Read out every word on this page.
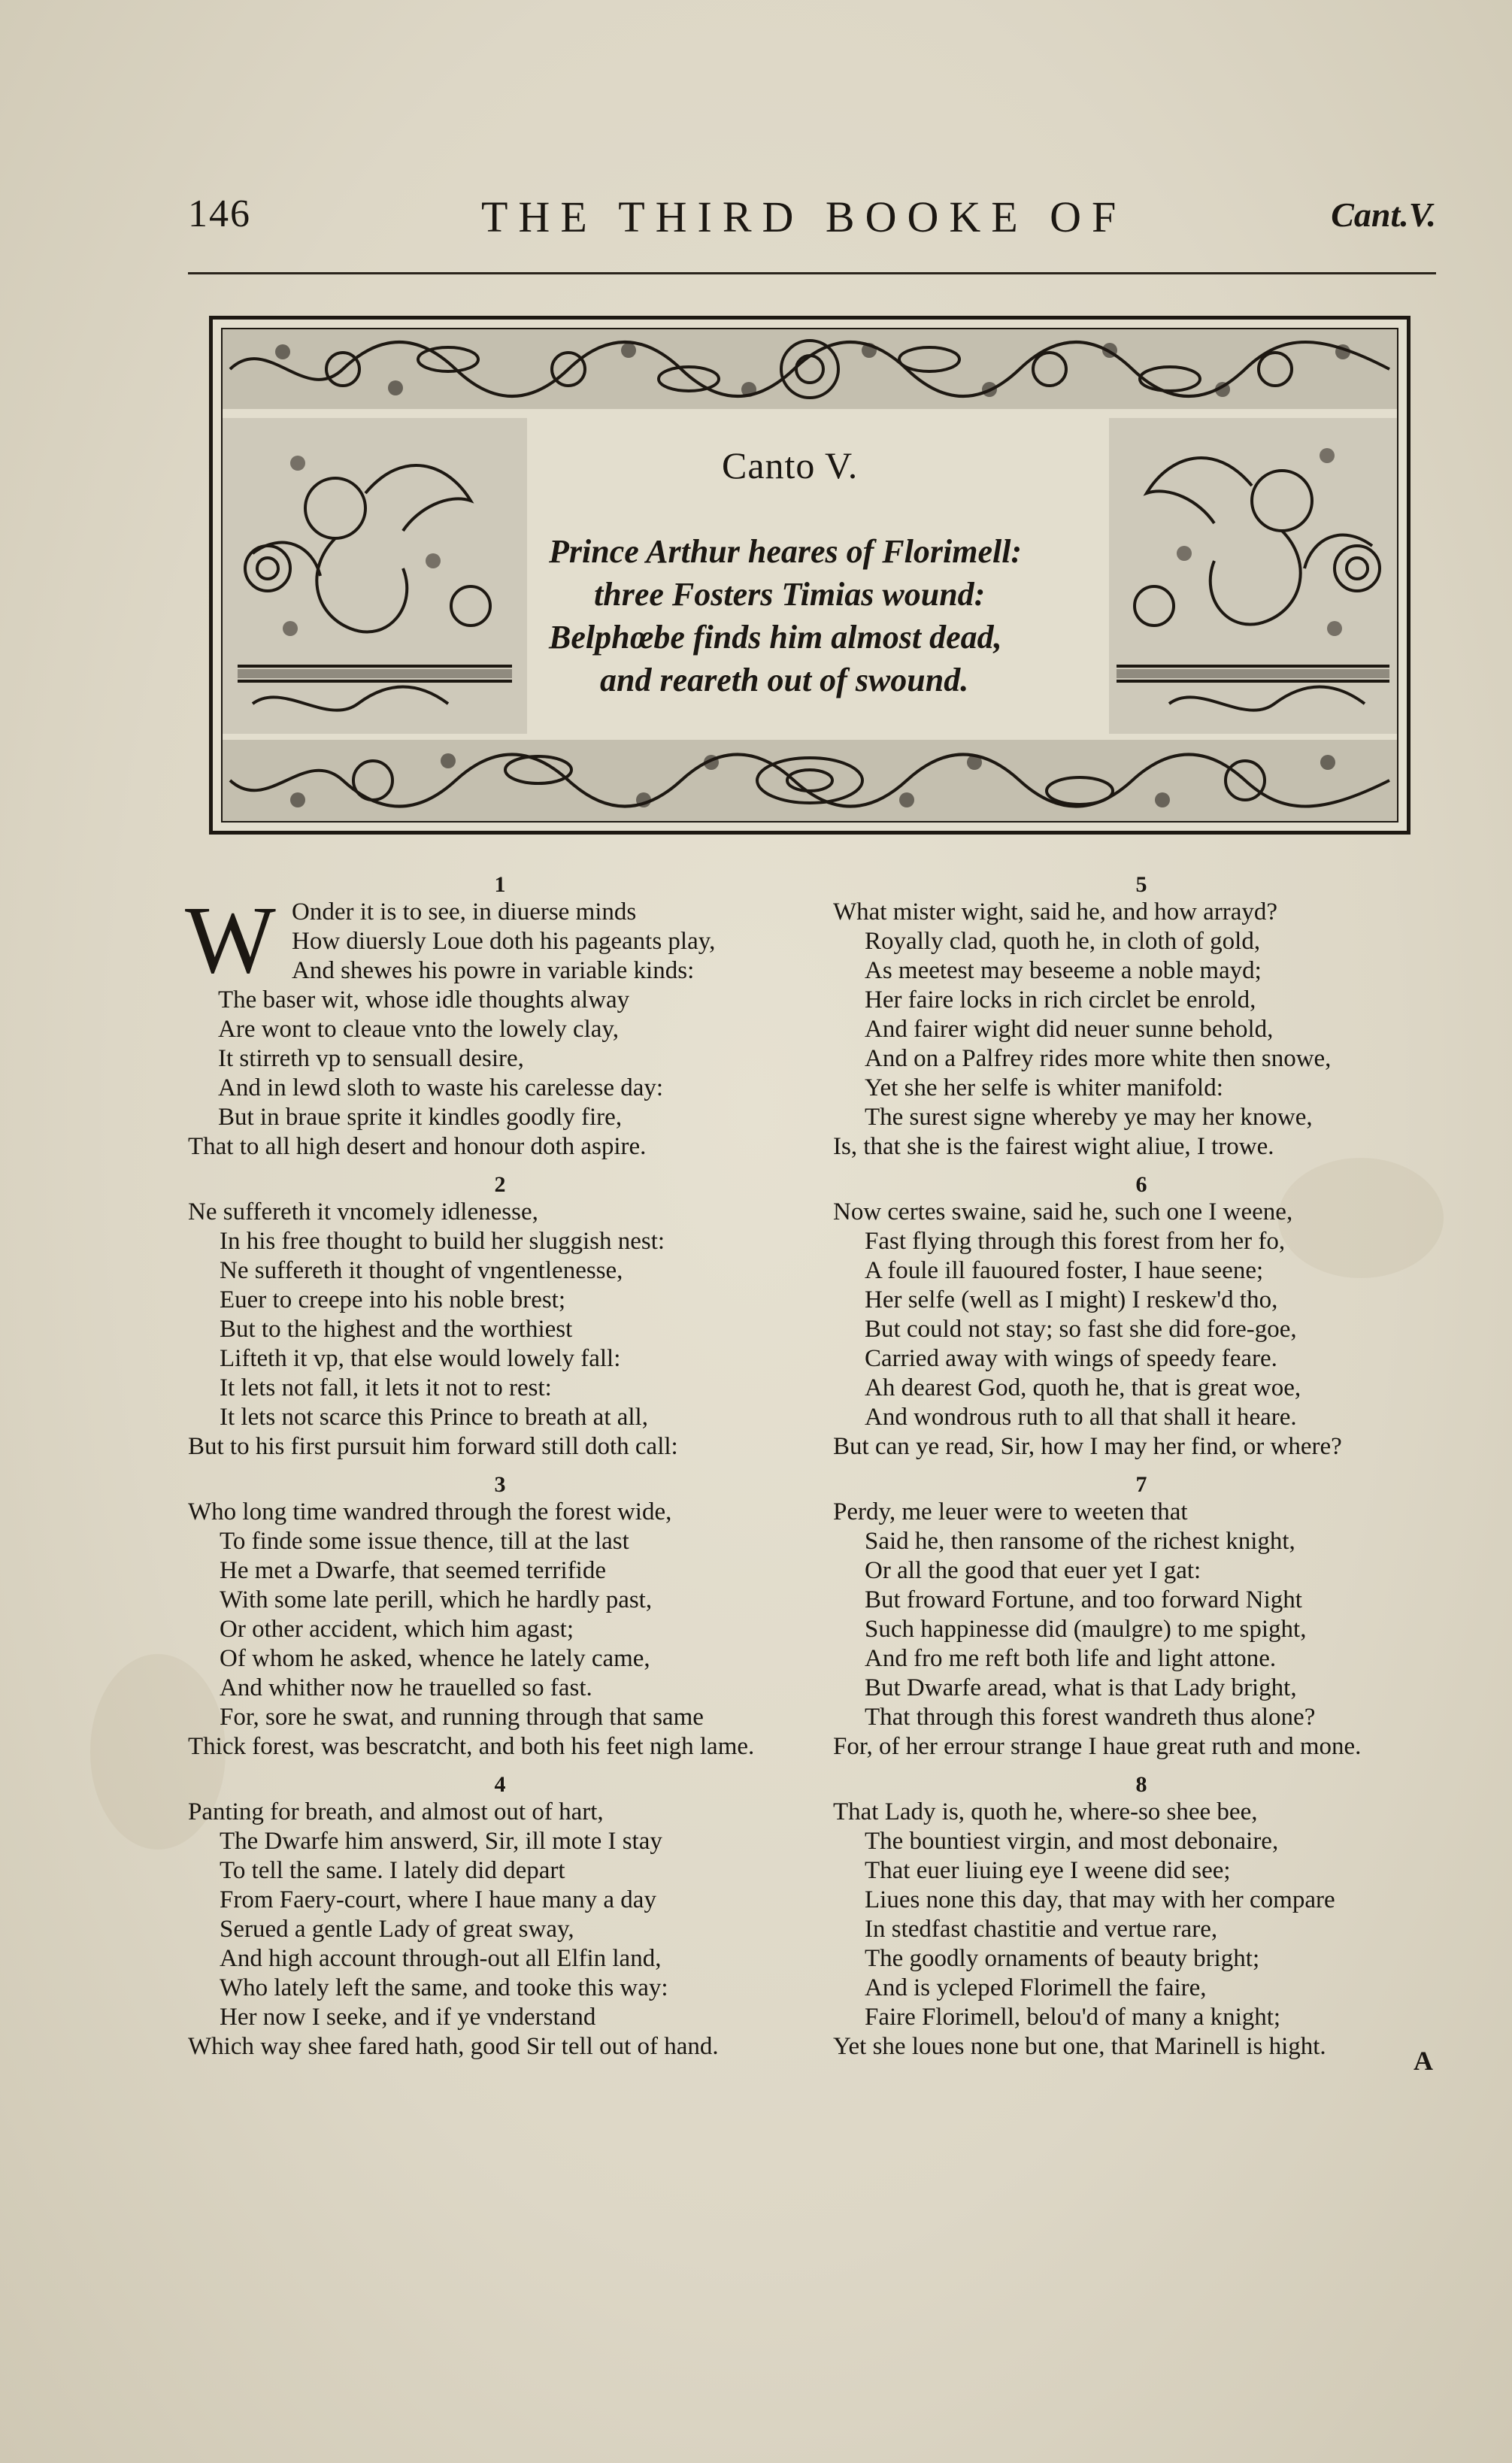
146	THE THIRD BOOKE OF	Cant.V.
Canto V.
Prince Arthur heares of Florimell:
three Fosters Timias wound:
Belphœbe finds him almost dead,
and reareth out of swound.
1
W Onder it is to see, in diuerse minds
How diuersly Loue doth his pageants play,
And shewes his powre in variable kinds:
The baser wit, whose idle thoughts alway
Are wont to cleaue vnto the lowely clay,
It stirreth vp to sensuall desire,
And in lewd sloth to waste his carelesse day:
But in braue sprite it kindles goodly fire,
That to all high desert and honour doth aspire.
2
Ne suffereth it vncomely idlenesse,
In his free thought to build her sluggish nest:
Ne suffereth it thought of vngentlenesse,
Euer to creepe into his noble brest;
But to the highest and the worthiest
Lifteth it vp, that else would lowely fall:
It lets not fall, it lets it not to rest:
It lets not scarce this Prince to breath at all,
But to his first pursuit him forward still doth call:
3
Who long time wandred through the forest wide,
To finde some issue thence, till at the last
He met a Dwarfe, that seemed terrifide
With some late perill, which he hardly past,
Or other accident, which him agast;
Of whom he asked, whence he lately came,
And whither now he trauelled so fast.
For, sore he swat, and running through that same
Thick forest, was bescratcht, and both his feet nigh lame.
4
Panting for breath, and almost out of hart,
The Dwarfe him answerd, Sir, ill mote I stay
To tell the same. I lately did depart
From Faery-court, where I haue many a day
Serued a gentle Lady of great sway,
And high account through-out all Elfin land,
Who lately left the same, and tooke this way:
Her now I seeke, and if ye vnderstand
Which way shee fared hath, good Sir tell out of hand.
5
What mister wight, said he, and how arrayd?
Royally clad, quoth he, in cloth of gold,
As meetest may beseeme a noble mayd;
Her faire locks in rich circlet be enrold,
And fairer wight did neuer sunne behold,
And on a Palfrey rides more white then snowe,
Yet she her selfe is whiter manifold:
The surest signe whereby ye may her knowe,
Is, that she is the fairest wight aliue, I trowe.
6
Now certes swaine, said he, such one I weene,
Fast flying through this forest from her fo,
A foule ill fauoured foster, I haue seene;
Her selfe (well as I might) I reskew'd tho,
But could not stay; so fast she did fore-goe,
Carried away with wings of speedy feare.
Ah dearest God, quoth he, that is great woe,
And wondrous ruth to all that shall it heare.
But can ye read, Sir, how I may her find, or where?
7
Perdy, me leuer were to weeten that
Said he, then ransome of the richest knight,
Or all the good that euer yet I gat:
But froward Fortune, and too forward Night
Such happinesse did (maulgre) to me spight,
And fro me reft both life and light attone.
But Dwarfe aread, what is that Lady bright,
That through this forest wandreth thus alone?
For, of her errour strange I haue great ruth and mone.
8
That Lady is, quoth he, where-so shee bee,
The bountiest virgin, and most debonaire,
That euer liuing eye I weene did see;
Liues none this day, that may with her compare
In stedfast chastitie and vertue rare,
The goodly ornaments of beauty bright;
And is ycleped Florimell the faire,
Faire Florimell, belou'd of many a knight;
Yet she loues none but one, that Marinell is hight.	A
